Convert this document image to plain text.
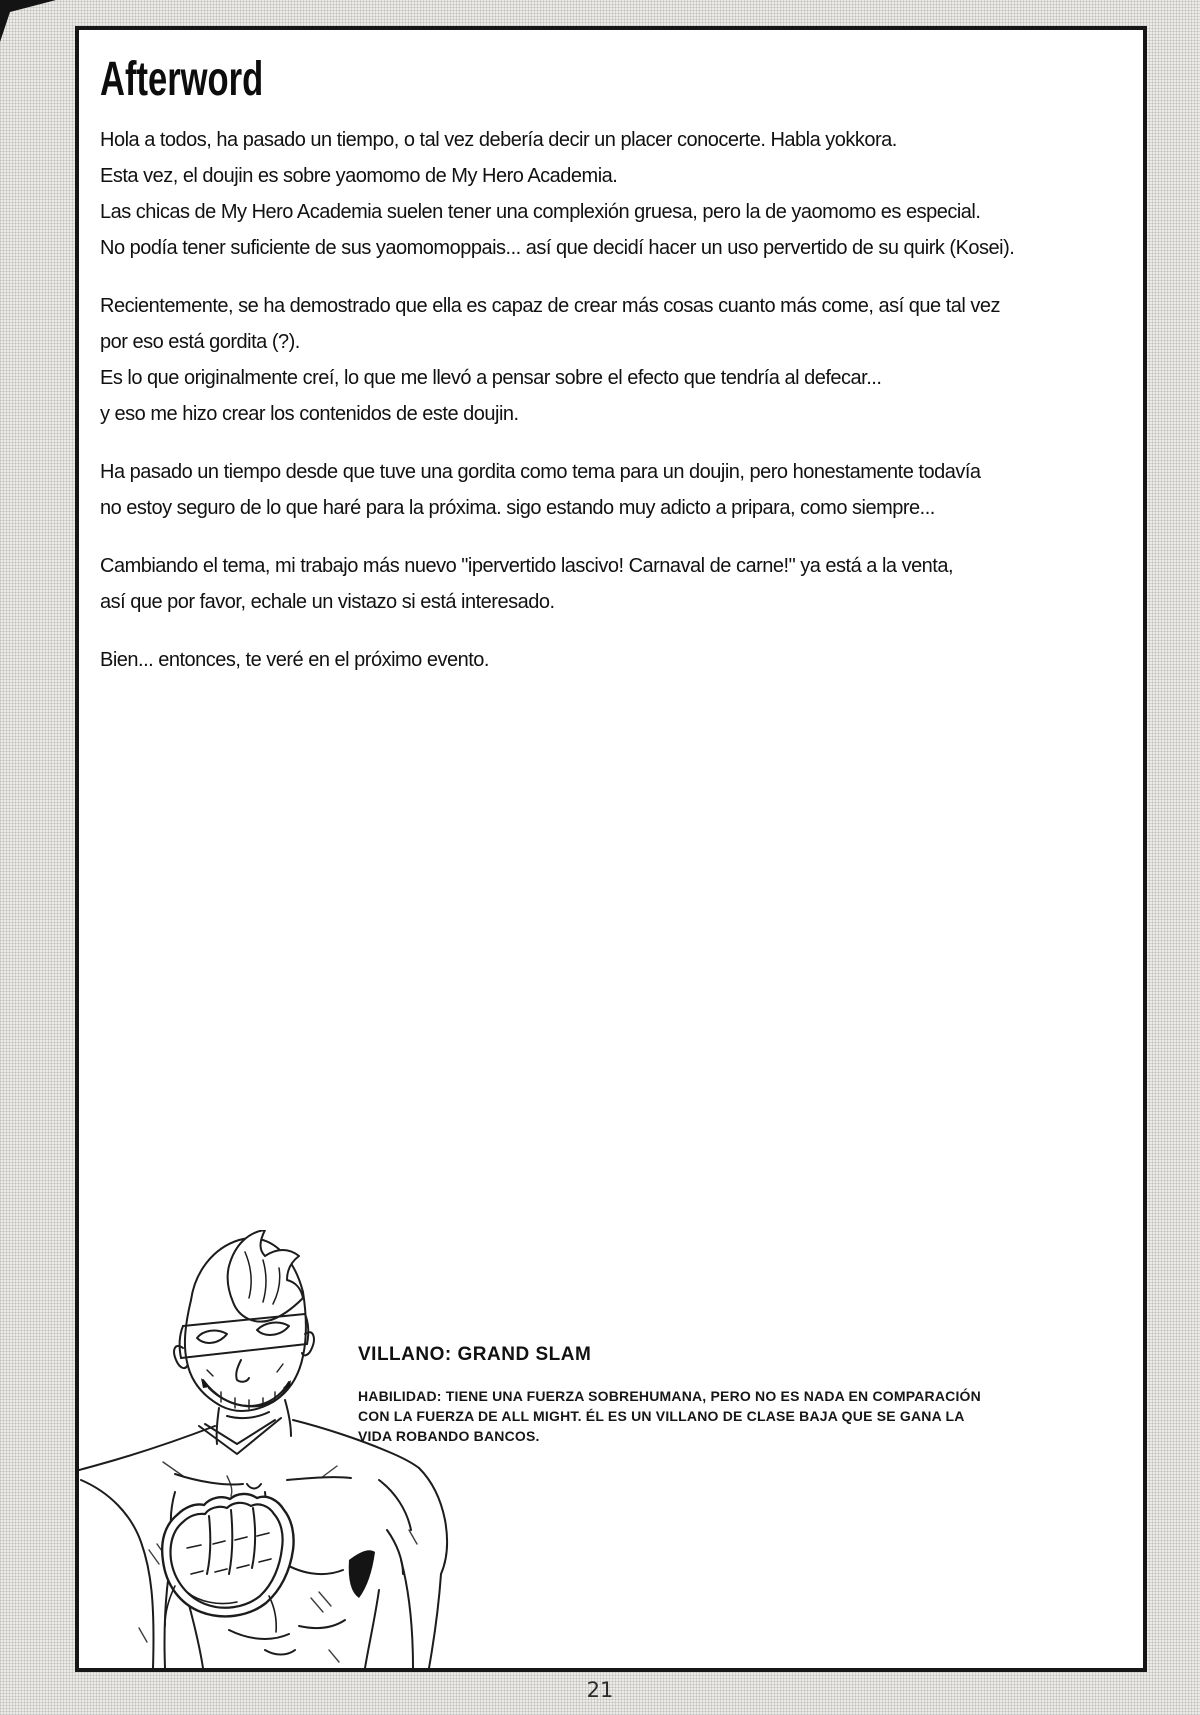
Afterword
Hola a todos, ha pasado un tiempo, o tal vez debería decir un placer conocerte. Habla yokkora.
Esta vez, el doujin es sobre yaomomo de My Hero Academia.
Las chicas de My Hero Academia suelen tener una complexión gruesa, pero la de yaomomo es especial.
No podía tener suficiente de sus yaomomoppais... así que decidí hacer un uso pervertido de su quirk (Kosei).
Recientemente, se ha demostrado que ella es capaz de crear más cosas cuanto más come, así que tal vez
por eso está gordita (?).
Es lo que originalmente creí, lo que me llevó a pensar sobre el efecto que tendría al defecar...
y eso me hizo crear los contenidos de este doujin.
Ha pasado un tiempo desde que tuve una gordita como tema para un doujin, pero honestamente todavía
no estoy seguro de lo que haré para la próxima. sigo estando muy adicto a pripara, como siempre...
Cambiando el tema, mi trabajo más nuevo "ipervertido lascivo! Carnaval de carne!" ya está a la venta,
así que por favor, echale un vistazo si está interesado.
Bien... entonces, te veré en el próximo evento.
VILLANO: GRAND SLAM
HABILIDAD: TIENE UNA FUERZA SOBREHUMANA, PERO NO ES NADA EN COMPARACIÓN
CON LA FUERZA DE ALL MIGHT. ÉL ES UN VILLANO DE CLASE BAJA QUE SE GANA LA
VIDA ROBANDO BANCOS.
21
